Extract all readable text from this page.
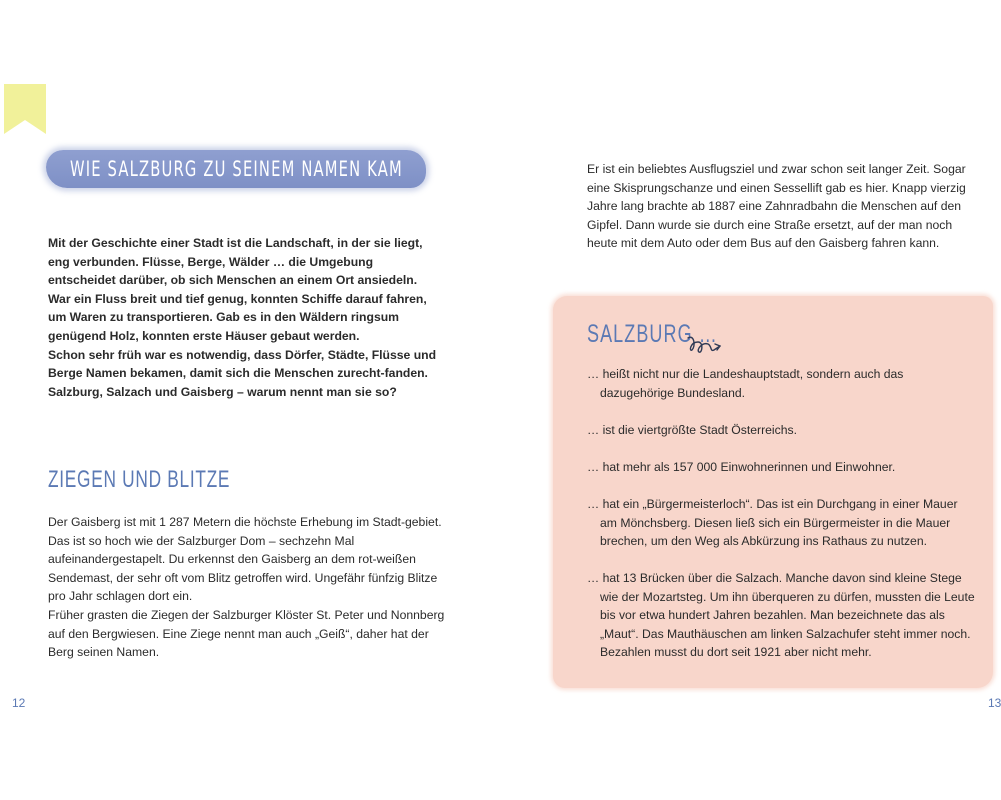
WIE SALZBURG ZU SEINEM NAMEN KAM

Mit der Geschichte einer Stadt ist die Landschaft, in der sie liegt, eng verbunden. Flüsse, Berge, Wälder … die Umgebung entscheidet darüber, ob sich Menschen an einem Ort ansiedeln. War ein Fluss breit und tief genug, konnten Schiffe darauf fahren, um Waren zu transportieren. Gab es in den Wäldern ringsum genügend Holz, konnten erste Häuser gebaut werden.

Schon sehr früh war es notwendig, dass Dörfer, Städte, Flüsse und Berge Namen bekamen, damit sich die Menschen zurecht-fanden. Salzburg, Salzach und Gaisberg – warum nennt man sie so?

ZIEGEN UND BLITZE

Der Gaisberg ist mit 1 287 Metern die höchste Erhebung im Stadt-gebiet. Das ist so hoch wie der Salzburger Dom – sechzehn Mal aufeinandergestapelt. Du erkennst den Gaisberg an dem rot-weißen Sendemast, der sehr oft vom Blitz getroffen wird. Ungefähr fünfzig Blitze pro Jahr schlagen dort ein.

Früher grasten die Ziegen der Salzburger Klöster St. Peter und Nonnberg auf den Bergwiesen. Eine Ziege nennt man auch „Geiß“, daher hat der Berg seinen Namen.

Er ist ein beliebtes Ausflugsziel und zwar schon seit langer Zeit. Sogar eine Skisprungschanze und einen Sessellift gab es hier. Knapp vierzig Jahre lang brachte ab 1887 eine Zahnradbahn die Menschen auf den Gipfel. Dann wurde sie durch eine Straße ersetzt, auf der man noch heute mit dem Auto oder dem Bus auf den Gaisberg fahren kann.
SALZBURG …
… heißt nicht nur die Landeshauptstadt, sondern auch das dazugehörige Bundesland.
… ist die viertgrößte Stadt Österreichs.
… hat mehr als 157 000 Einwohnerinnen und Einwohner.
… hat ein „Bürgermeisterloch“. Das ist ein Durchgang in einer Mauer am Mönchsberg. Diesen ließ sich ein Bürgermeister in die Mauer brechen, um den Weg als Abkürzung ins Rathaus zu nutzen.
… hat 13 Brücken über die Salzach. Manche davon sind kleine Stege wie der Mozartsteg. Um ihn überqueren zu dürfen, mussten die Leute bis vor etwa hundert Jahren bezahlen. Man bezeichnete das als „Maut“. Das Mauthäuschen am linken Salzachufer steht immer noch. Bezahlen musst du dort seit 1921 aber nicht mehr.
12	13
